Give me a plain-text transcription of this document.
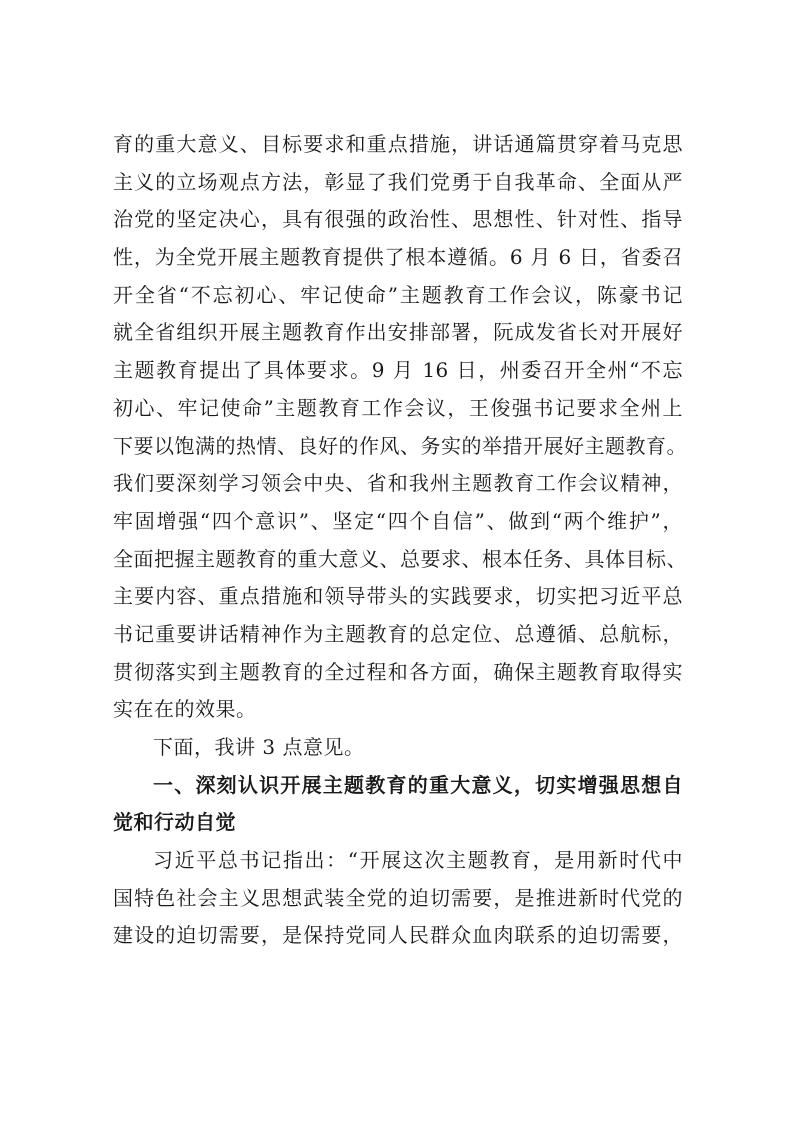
育的重大意义、目标要求和重点措施，讲话通篇贯穿着马克思
主义的立场观点方法，彰显了我们党勇于自我革命、全面从严
治党的坚定决心，具有很强的政治性、思想性、针对性、指导
性，为全党开展主题教育提供了根本遵循。6 月 6 日，省委召
开全省“不忘初心、牢记使命”主题教育工作会议，陈豪书记
就全省组织开展主题教育作出安排部署，阮成发省长对开展好
主题教育提出了具体要求。9 月 16 日，州委召开全州“不忘
初心、牢记使命”主题教育工作会议，王俊强书记要求全州上
下要以饱满的热情、良好的作风、务实的举措开展好主题教育。
我们要深刻学习领会中央、省和我州主题教育工作会议精神，
牢固增强“四个意识”、坚定“四个自信”、做到“两个维护”，
全面把握主题教育的重大意义、总要求、根本任务、具体目标、
主要内容、重点措施和领导带头的实践要求，切实把习近平总
书记重要讲话精神作为主题教育的总定位、总遵循、总航标，
贯彻落实到主题教育的全过程和各方面，确保主题教育取得实
实在在的效果。
下面，我讲 3 点意见。
一、深刻认识开展主题教育的重大意义，切实增强思想自
觉和行动自觉
习近平总书记指出：“开展这次主题教育，是用新时代中
国特色社会主义思想武装全党的迫切需要，是推进新时代党的
建设的迫切需要，是保持党同人民群众血肉联系的迫切需要，
